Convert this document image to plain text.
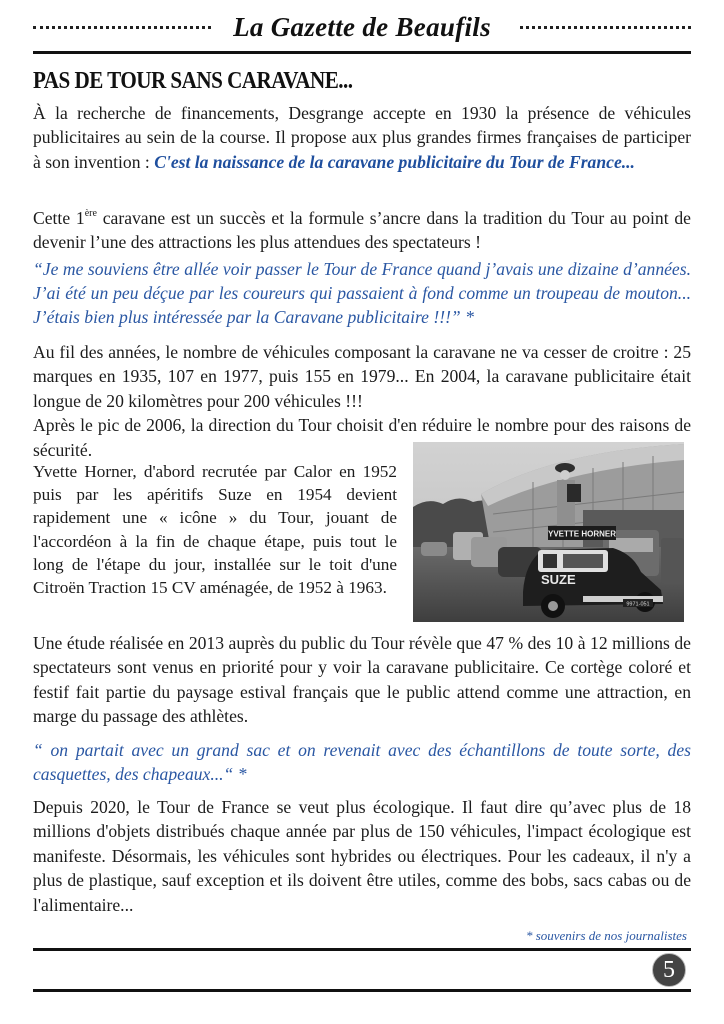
La Gazette de Beaufils
PAS DE TOUR SANS CARAVANE...

À la recherche de financements, Desgrange accepte en 1930 la présence de véhicules publicitaires au sein de la course. Il propose aux plus grandes firmes françaises de participer à son invention : C'est la naissance de la caravane publicitaire du Tour de France...

Cette 1ère caravane est un succès et la formule s’ancre dans la tradition du Tour au point de devenir l’une des attractions les plus attendues des spectateurs !

“Je me souviens être allée voir passer le Tour de France quand j’avais une dizaine d’années. J’ai été un peu déçue par les coureurs qui passaient à fond comme un troupeau de mouton... J’étais bien plus intéressée par la Caravane publicitaire !!!” *

Au fil des années, le nombre de véhicules composant la caravane ne va cesser de croitre : 25 marques en 1935, 107 en 1977, puis 155 en 1979... En 2004, la caravane publicitaire était longue de 20 kilomètres pour 200 véhicules !!!
Après le pic de 2006, la direction du Tour choisit d'en réduire le nombre pour des raisons de sécurité.

Yvette Horner, d'abord recrutée par Calor en 1952 puis par les apéritifs Suze en 1954 devient rapidement une « icône » du Tour, jouant de l'accordéon à la fin de chaque étape, puis tout le long de l'étape du jour, installée sur le toit d'une Citroën Traction 15 CV aménagée, de 1952 à 1963.

YVETTE HORNER
SUZE
9971-051

Une étude réalisée en 2013 auprès du public du Tour révèle que 47 % des 10 à 12 millions de spectateurs sont venus en priorité pour y voir la caravane publicitaire. Ce cortège coloré et festif fait partie du paysage estival français que le public attend comme une attraction, en marge du passage des athlètes.

“ on partait avec un grand sac et on revenait avec des échantillons de toute sorte, des casquettes, des chapeaux...“ *

Depuis 2020, le Tour de France se veut plus écologique. Il faut dire qu’avec plus de 18 millions d'objets distribués chaque année par plus de 150 véhicules, l'impact écologique est manifeste. Désormais, les véhicules sont hybrides ou électriques. Pour les cadeaux, il n'y a plus de plastique, sauf exception et ils doivent être utiles, comme des bobs, sacs cabas ou de l'alimentaire...

* souvenirs de nos journalistes
5
